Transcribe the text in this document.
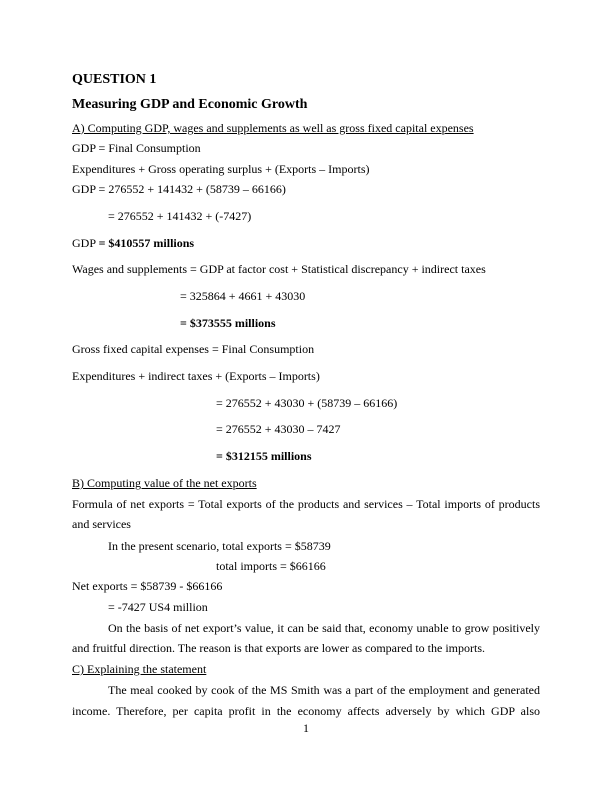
QUESTION 1

Measuring GDP and Economic Growth

A) Computing GDP, wages and supplements as well as gross fixed capital expenses

GDP = Final Consumption

Expenditures + Gross operating surplus + (Exports – Imports)

GDP = 276552 + 141432 + (58739 – 66166)

= 276552 + 141432 + (-7427)

GDP = $410557 millions

Wages and supplements = GDP at factor cost + Statistical discrepancy + indirect taxes

= 325864 + 4661 + 43030

= $373555 millions

Gross fixed capital expenses = Final Consumption

Expenditures + indirect taxes + (Exports – Imports)

= 276552 + 43030 + (58739 – 66166)

= 276552 + 43030 – 7427

= $312155 millions

B) Computing value of the net exports

Formula of net exports = Total exports of the products and services – Total imports of products

and services

In the present scenario, total exports = $58739

total imports = $66166

Net exports = $58739 - $66166

= -7427 US4 million

On the basis of net export’s value, it can be said that, economy unable to grow positively

and fruitful direction. The reason is that exports are lower as compared to the imports.

C) Explaining the statement

The meal cooked by cook of the MS Smith was a part of the employment and generated

income. Therefore, per capita profit in the economy affects adversely by which GDP also

1
